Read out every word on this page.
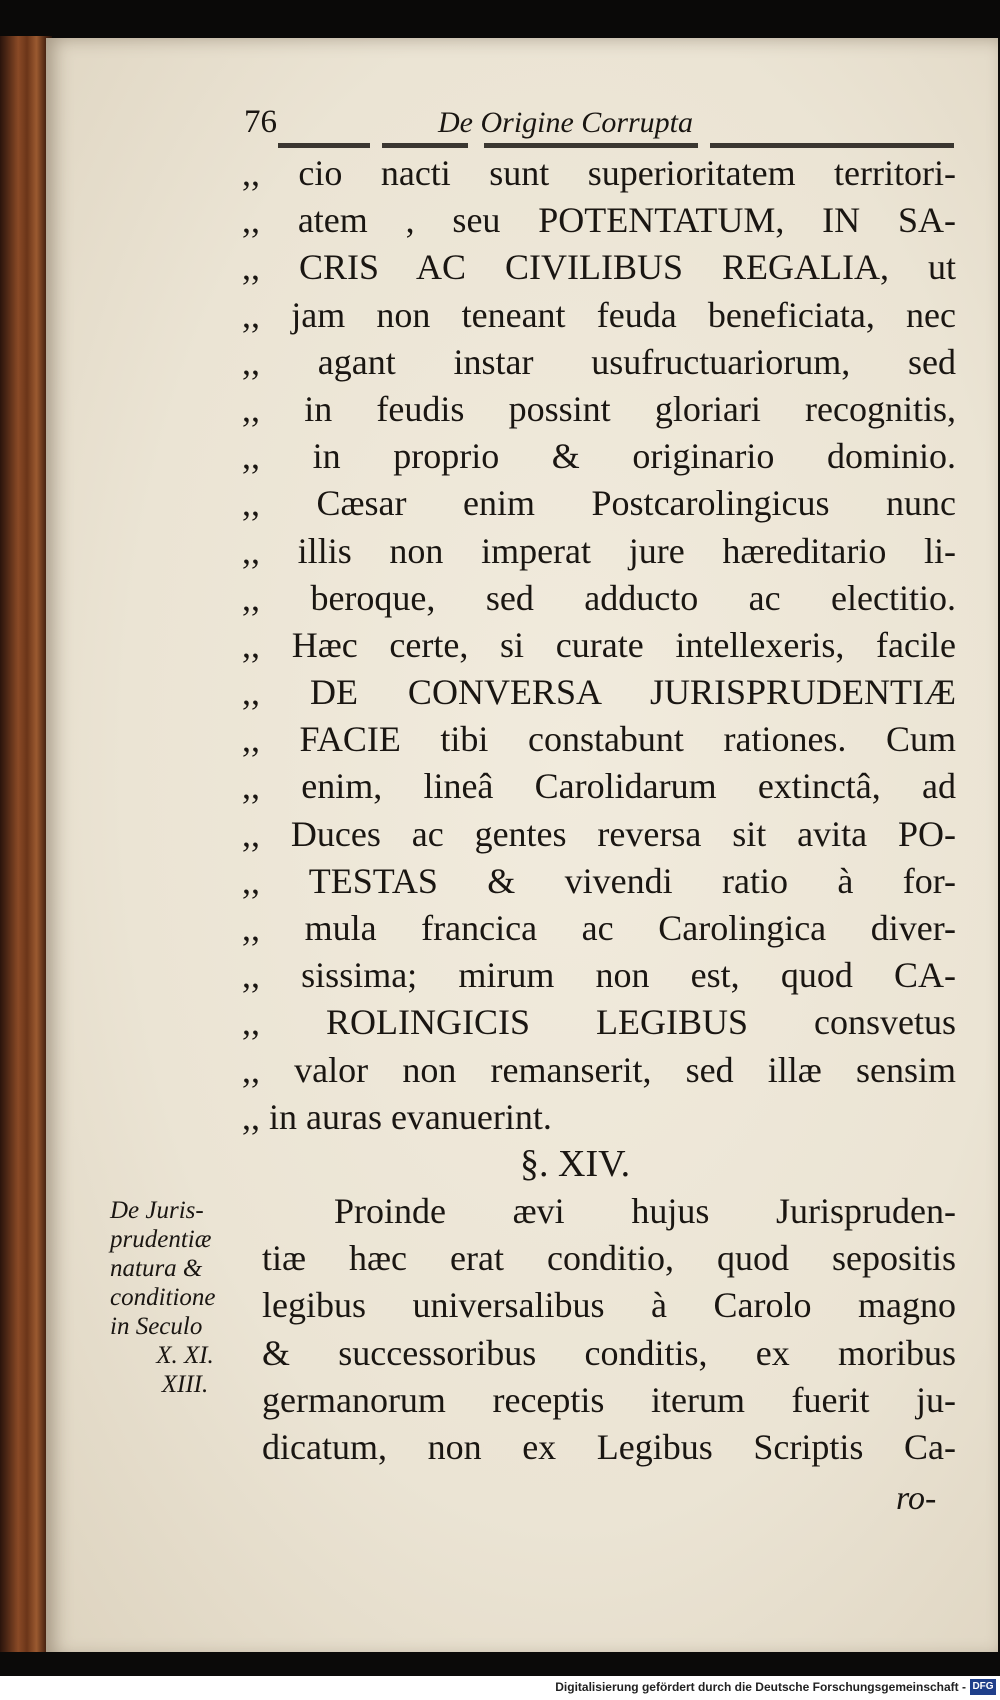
76	De Origine Corrupta
,, cio nacti sunt superioritatem territori-
,, atem , seu POTENTATUM, IN SA-
,, CRIS AC CIVILIBUS REGALIA, ut
,, jam non teneant feuda beneficiata, nec
,, agant instar usufructuariorum, sed
,, in feudis possint gloriari recognitis,
,, in proprio & originario dominio.
,, Cæsar enim Postcarolingicus nunc
,, illis non imperat jure hæreditario li-
,, beroque, sed adducto ac electitio.
,, Hæc certe, si curate intellexeris, facile
,, DE CONVERSA JURISPRUDENTIÆ
,, FACIE tibi constabunt rationes. Cum
,, enim, lineâ Carolidarum extinctâ, ad
,, Duces ac gentes reversa sit avita PO-
,, TESTAS & vivendi ratio à for-
,, mula francica ac Carolingica diver-
,, sissima; mirum non est, quod CA-
,, ROLINGICIS LEGIBUS consvetus
,, valor non remanserit, sed illæ sensim
,, in auras evanuerint.
§. XIV.
Proinde ævi hujus Jurispruden-
tiæ hæc erat conditio, quod sepositis
legibus universalibus à Carolo magno
& successoribus conditis, ex moribus
germanorum receptis iterum fuerit ju-
dicatum, non ex Legibus Scriptis Ca-
De Juris-
prudentiæ
natura &
conditione
in Seculo
X. XI.
XIII.
ro-
Digitalisierung gefördert durch die Deutsche Forschungsgemeinschaft - DFG
